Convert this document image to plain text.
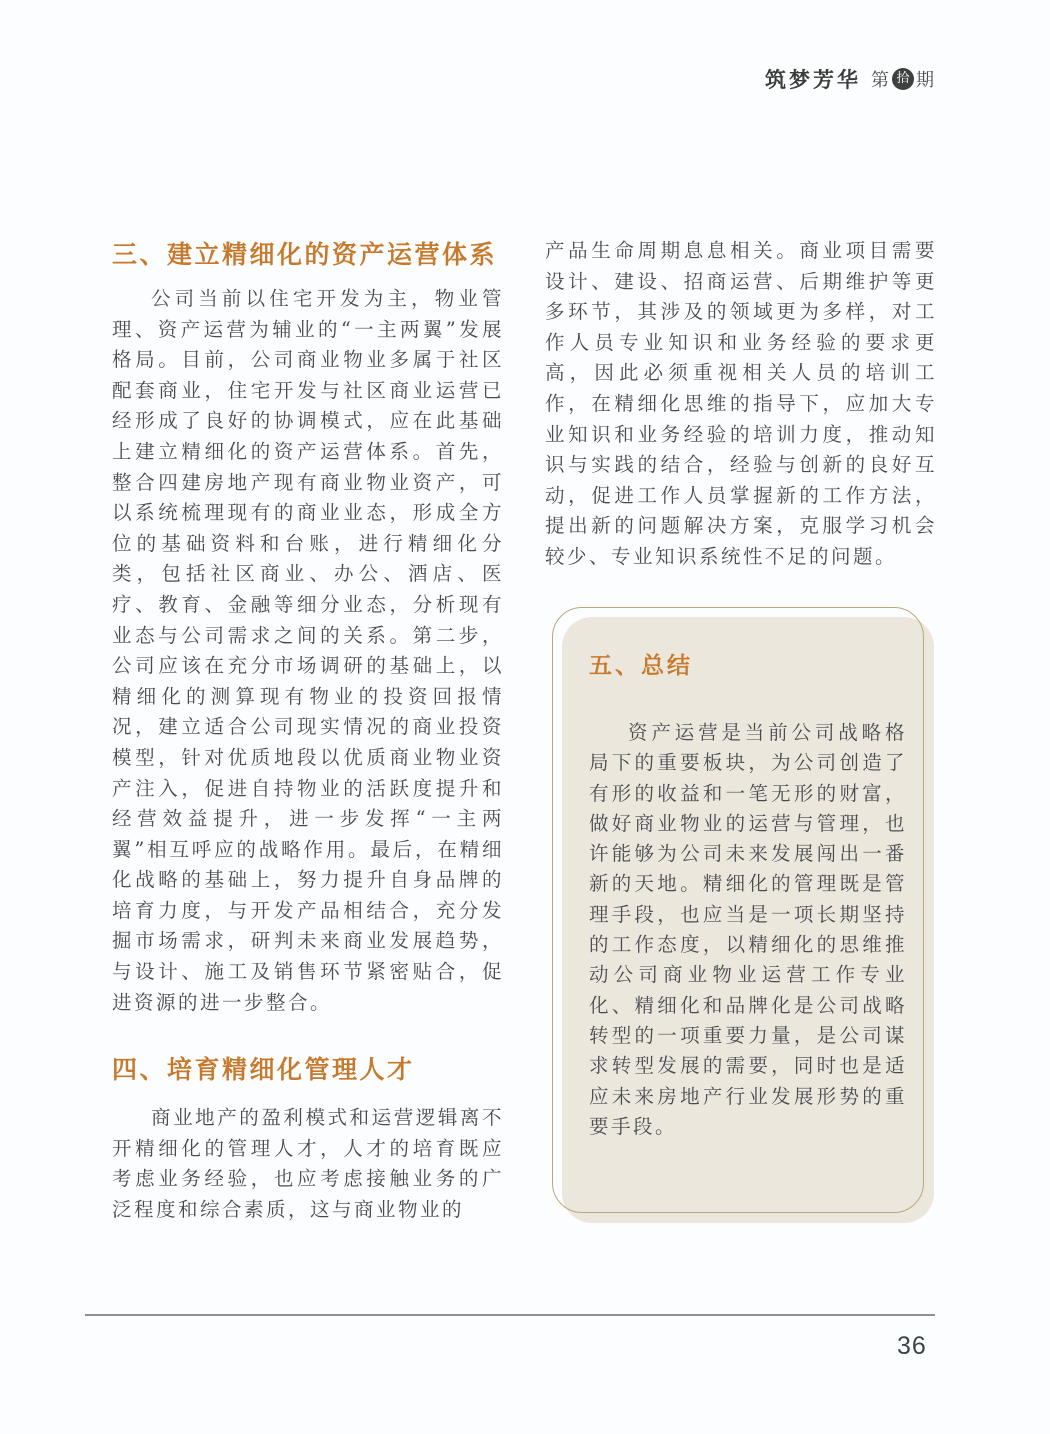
筑梦芳华 第 拾 期
三、建立精细化的资产运营体系

公司当前以住宅开发为主，物业管理、资产运营为辅业的“一主两翼”发展格局。目前，公司商业物业多属于社区配套商业，住宅开发与社区商业运营已经形成了良好的协调模式，应在此基础上建立精细化的资产运营体系。首先，整合四建房地产现有商业物业资产，可以系统梳理现有的商业业态，形成全方位的基础资料和台账，进行精细化分类，包括社区商业、办公、酒店、医疗、教育、金融等细分业态，分析现有业态与公司需求之间的关系。第二步，公司应该在充分市场调研的基础上，以精细化的测算现有物业的投资回报情况，建立适合公司现实情况的商业投资模型，针对优质地段以优质商业物业资产注入，促进自持物业的活跃度提升和经营效益提升，进一步发挥“一主两翼”相互呼应的战略作用。最后，在精细化战略的基础上，努力提升自身品牌的培育力度，与开发产品相结合，充分发掘市场需求，研判未来商业发展趋势，与设计、施工及销售环节紧密贴合，促进资源的进一步整合。

四、培育精细化管理人才

商业地产的盈利模式和运营逻辑离不开精细化的管理人才，人才的培育既应考虑业务经验，也应考虑接触业务的广泛程度和综合素质，这与商业物业的

产品生命周期息息相关。商业项目需要设计、建设、招商运营、后期维护等更多环节，其涉及的领域更为多样，对工作人员专业知识和业务经验的要求更高，因此必须重视相关人员的培训工作，在精细化思维的指导下，应加大专业知识和业务经验的培训力度，推动知识与实践的结合，经验与创新的良好互动，促进工作人员掌握新的工作方法，提出新的问题解决方案，克服学习机会较少、专业知识系统性不足的问题。

五、总结

资产运营是当前公司战略格局下的重要板块，为公司创造了有形的收益和一笔无形的财富，做好商业物业的运营与管理，也许能够为公司未来发展闯出一番新的天地。精细化的管理既是管理手段，也应当是一项长期坚持的工作态度，以精细化的思维推动公司商业物业运营工作专业化、精细化和品牌化是公司战略转型的一项重要力量，是公司谋求转型发展的需要，同时也是适应未来房地产行业发展形势的重要手段。

36
